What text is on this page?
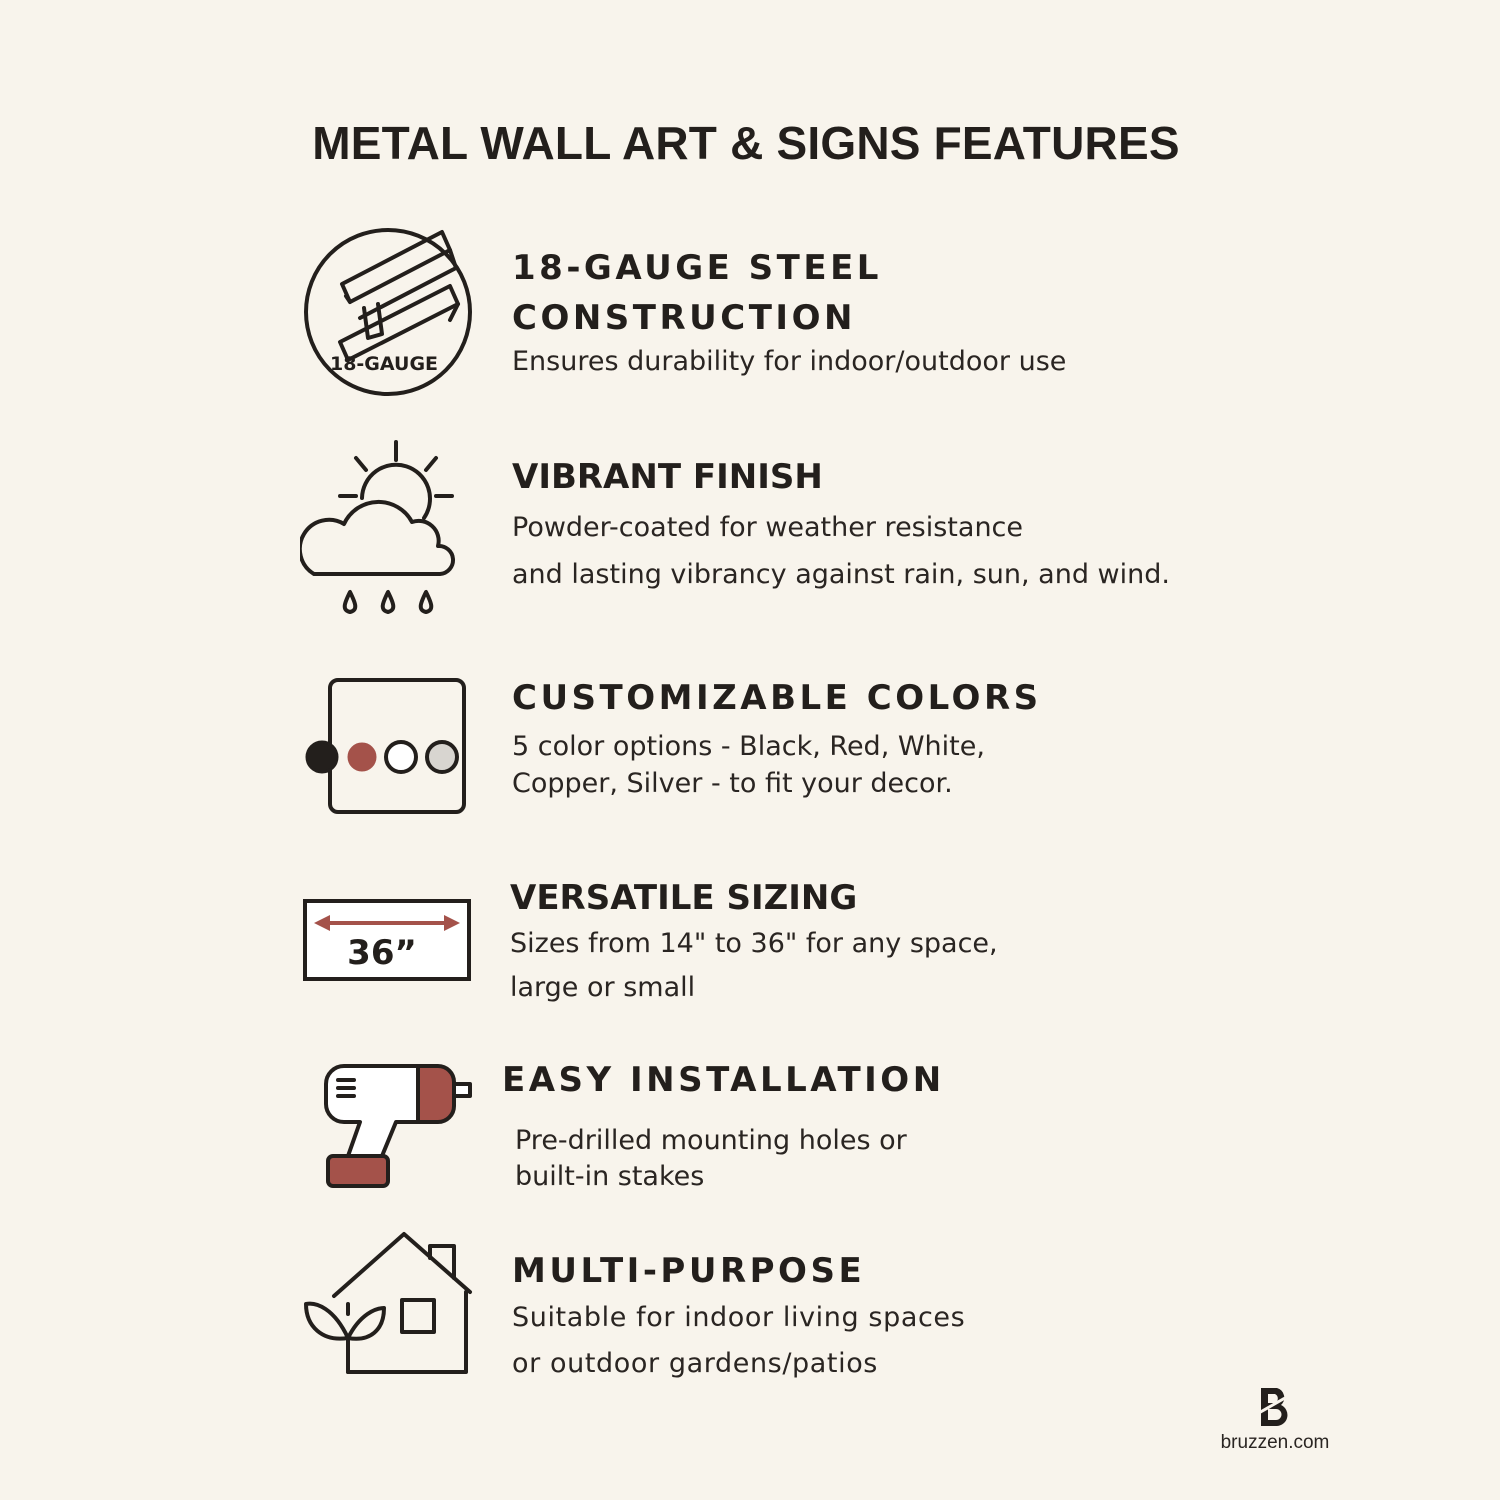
METAL WALL ART & SIGNS FEATURES
18-GAUGE
18-GAUGE STEEL
CONSTRUCTION
Ensures durability for indoor/outdoor use
VIBRANT FINISH
Powder-coated for weather resistance
and lasting vibrancy against rain, sun, and wind.
CUSTOMIZABLE COLORS
5 color options - Black, Red, White,
Copper, Silver - to fit your decor.
36”
VERSATILE SIZING
Sizes from 14" to 36" for any space,
large or small
EASY INSTALLATION
Pre-drilled mounting holes or
built-in stakes
MULTI-PURPOSE
Suitable for indoor living spaces
or outdoor gardens/patios
bruzzen.com
